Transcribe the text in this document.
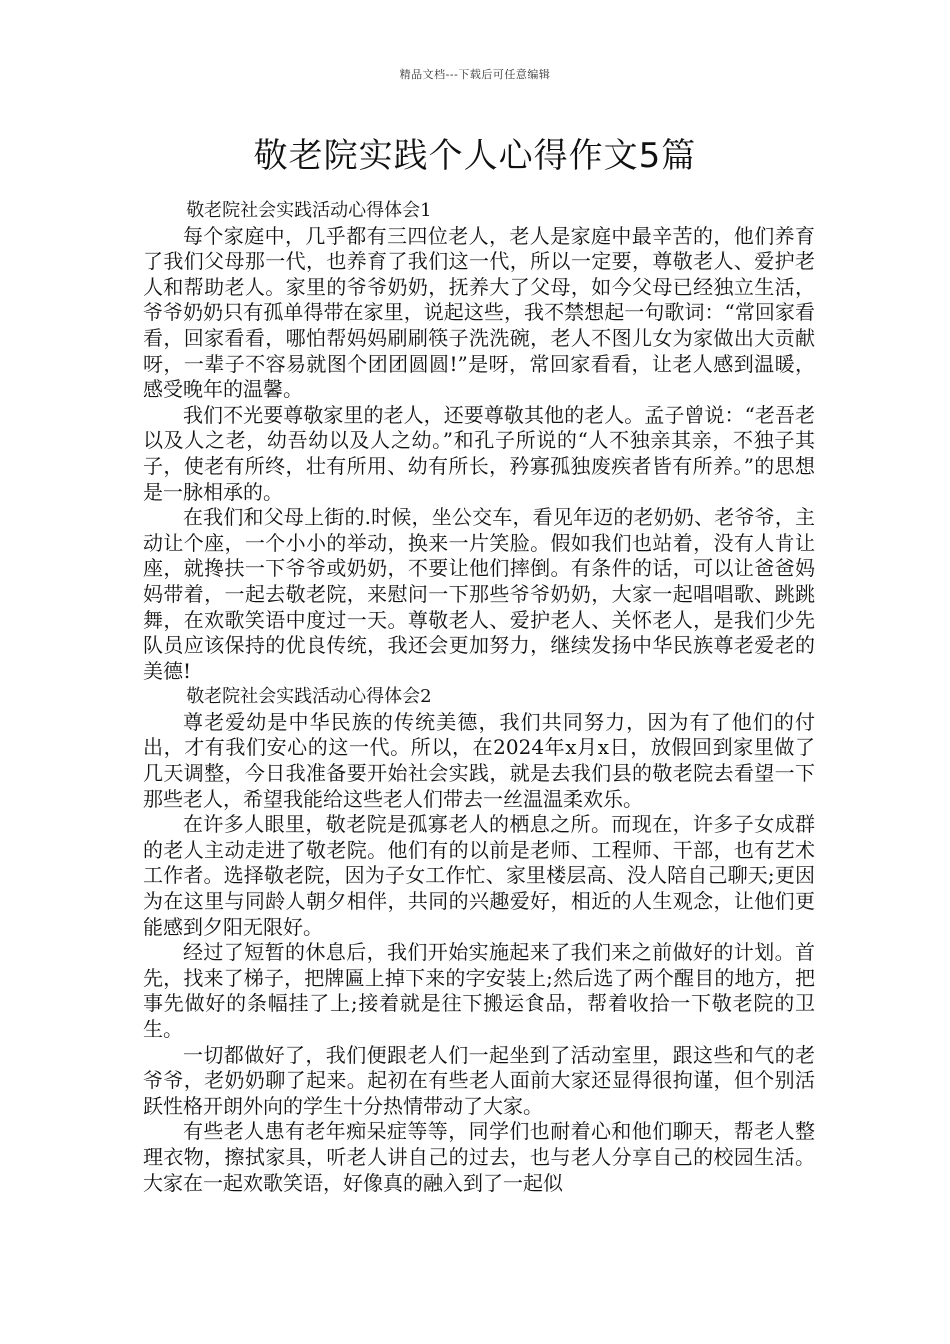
精品文档---下载后可任意编辑
敬老院实践个人心得作文5篇

敬老院社会实践活动心得体会1

每个家庭中，几乎都有三四位老人，老人是家庭中最辛苦的，他们养育了我们父母那一代，也养育了我们这一代，所以一定要，尊敬老人、爱护老人和帮助老人。家里的爷爷奶奶，抚养大了父母，如今父母已经独立生活，爷爷奶奶只有孤单得带在家里，说起这些，我不禁想起一句歌词：“常回家看看，回家看看，哪怕帮妈妈刷刷筷子洗洗碗，老人不图儿女为家做出大贡献呀，一辈子不容易就图个团团圆圆!”是呀，常回家看看，让老人感到温暖，感受晚年的温馨。

我们不光要尊敬家里的老人，还要尊敬其他的老人。孟子曾说：“老吾老以及人之老，幼吾幼以及人之幼。”和孔子所说的“人不独亲其亲，不独子其子，使老有所终，壮有所用、幼有所长，矜寡孤独废疾者皆有所养。”的思想是一脉相承的。

在我们和父母上街的.时候，坐公交车，看见年迈的老奶奶、老爷爷，主动让个座，一个小小的举动，换来一片笑脸。假如我们也站着，没有人肯让座，就搀扶一下爷爷或奶奶，不要让他们摔倒。有条件的话，可以让爸爸妈妈带着，一起去敬老院，来慰问一下那些爷爷奶奶，大家一起唱唱歌、跳跳舞，在欢歌笑语中度过一天。尊敬老人、爱护老人、关怀老人，是我们少先队员应该保持的优良传统，我还会更加努力，继续发扬中华民族尊老爱老的美德!

敬老院社会实践活动心得体会2

尊老爱幼是中华民族的传统美德，我们共同努力，因为有了他们的付出，才有我们安心的这一代。所以，在2024年x月x日，放假回到家里做了几天调整，今日我准备要开始社会实践，就是去我们县的敬老院去看望一下那些老人，希望我能给这些老人们带去一丝温温柔欢乐。

在许多人眼里，敬老院是孤寡老人的栖息之所。而现在，许多子女成群的老人主动走进了敬老院。他们有的以前是老师、工程师、干部，也有艺术工作者。选择敬老院，因为子女工作忙、家里楼层高、没人陪自己聊天;更因为在这里与同龄人朝夕相伴，共同的兴趣爱好，相近的人生观念，让他们更能感到夕阳无限好。

经过了短暂的休息后，我们开始实施起来了我们来之前做好的计划。首先，找来了梯子，把牌匾上掉下来的字安装上;然后选了两个醒目的地方，把事先做好的条幅挂了上;接着就是往下搬运食品，帮着收拾一下敬老院的卫生。

一切都做好了，我们便跟老人们一起坐到了活动室里，跟这些和气的老爷爷，老奶奶聊了起来。起初在有些老人面前大家还显得很拘谨，但个别活跃性格开朗外向的学生十分热情带动了大家。

有些老人患有老年痴呆症等等，同学们也耐着心和他们聊天，帮老人整理衣物，擦拭家具，听老人讲自己的过去，也与老人分享自己的校园生活。大家在一起欢歌笑语，好像真的融入到了一起似
